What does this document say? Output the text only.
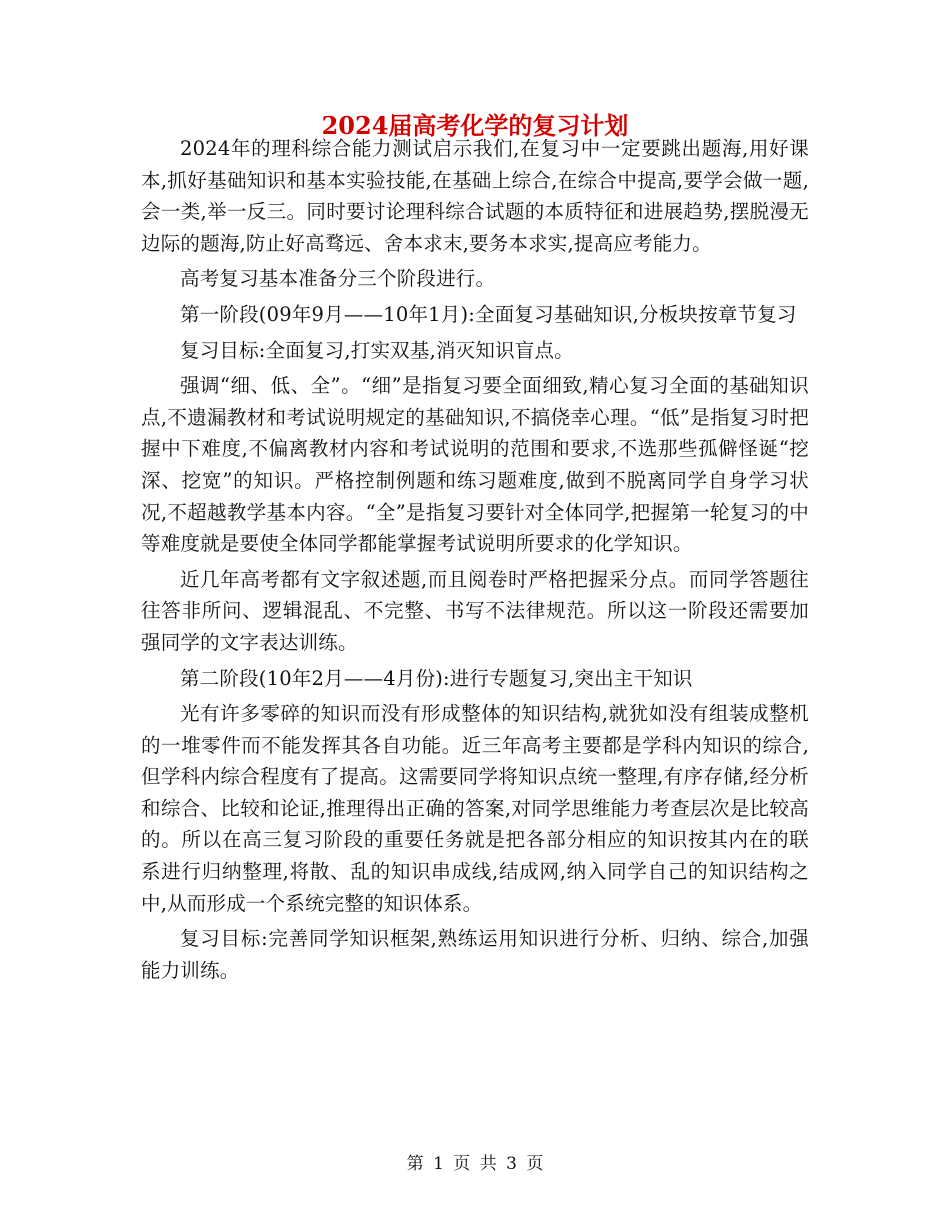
2024届高考化学的复习计划

2024年的理科综合能力测试启示我们,在复习中一定要跳出题海,用好课本,抓好基础知识和基本实验技能,在基础上综合,在综合中提高,要学会做一题,会一类,举一反三。同时要讨论理科综合试题的本质特征和进展趋势,摆脱漫无边际的题海,防止好高骛远、舍本求末,要务本求实,提高应考能力。

高考复习基本准备分三个阶段进行。

第一阶段(09年9月——10年1月):全面复习基础知识,分板块按章节复习

复习目标:全面复习,打实双基,消灭知识盲点。

强调“细、低、全”。“细”是指复习要全面细致,精心复习全面的基础知识点,不遗漏教材和考试说明规定的基础知识,不搞侥幸心理。“低”是指复习时把握中下难度,不偏离教材内容和考试说明的范围和要求,不选那些孤僻怪诞“挖深、挖宽”的知识。严格控制例题和练习题难度,做到不脱离同学自身学习状况,不超越教学基本内容。“全”是指复习要针对全体同学,把握第一轮复习的中等难度就是要使全体同学都能掌握考试说明所要求的化学知识。

近几年高考都有文字叙述题,而且阅卷时严格把握采分点。而同学答题往往答非所问、逻辑混乱、不完整、书写不法律规范。所以这一阶段还需要加强同学的文字表达训练。

第二阶段(10年2月——4月份):进行专题复习,突出主干知识

光有许多零碎的知识而没有形成整体的知识结构,就犹如没有组装成整机的一堆零件而不能发挥其各自功能。近三年高考主要都是学科内知识的综合,但学科内综合程度有了提高。这需要同学将知识点统一整理,有序存储,经分析和综合、比较和论证,推理得出正确的答案,对同学思维能力考查层次是比较高的。所以在高三复习阶段的重要任务就是把各部分相应的知识按其内在的联系进行归纳整理,将散、乱的知识串成线,结成网,纳入同学自己的知识结构之中,从而形成一个系统完整的知识体系。

复习目标:完善同学知识框架,熟练运用知识进行分析、归纳、综合,加强能力训练。

第 1 页 共 3 页
